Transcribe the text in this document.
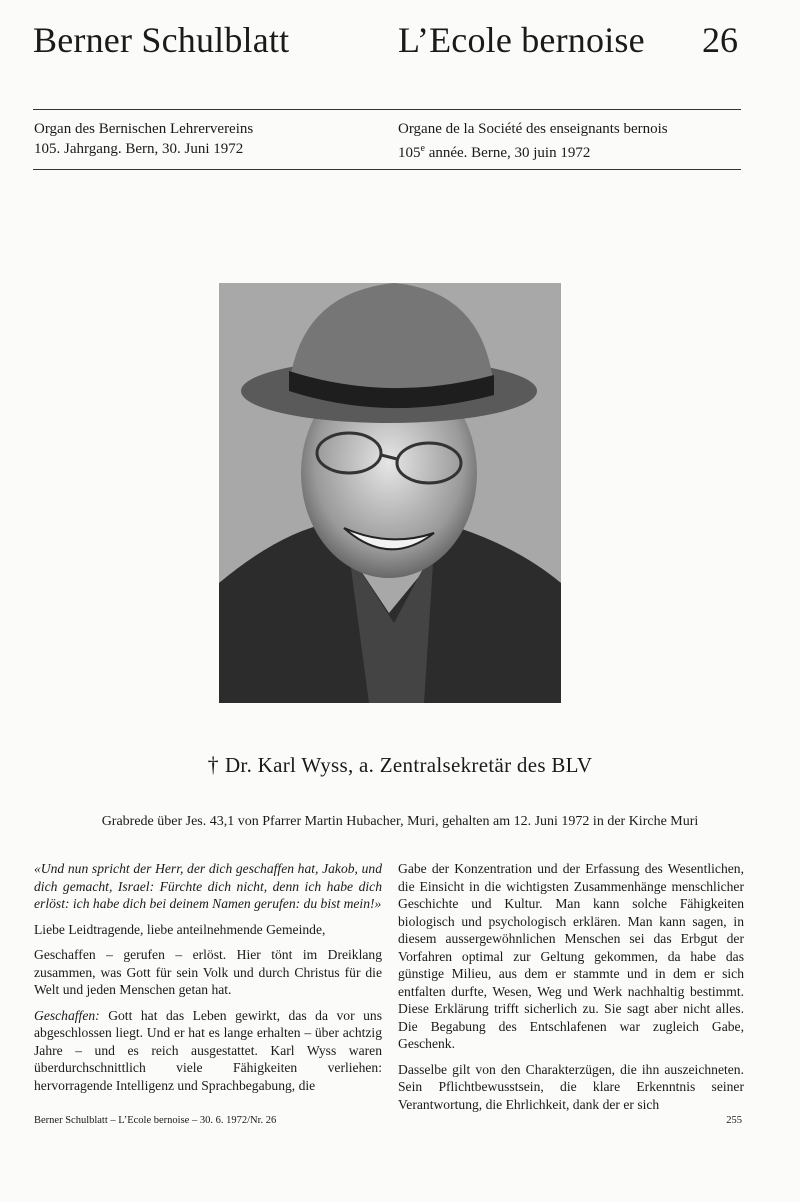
Berner Schulblatt	L’Ecole bernoise 26
Organ des Bernischen Lehrervereins
105. Jahrgang. Bern, 30. Juni 1972
Organe de la Société des enseignants bernois
105e année. Berne, 30 juin 1972
† Dr. Karl Wyss, a. Zentralsekretär des BLV
Grabrede über Jes. 43,1 von Pfarrer Martin Hubacher, Muri, gehalten am 12. Juni 1972 in der Kirche Muri

«Und nun spricht der Herr, der dich geschaffen hat, Jakob, und dich gemacht, Israel: Fürchte dich nicht, denn ich habe dich erlöst: ich habe dich bei deinem Namen gerufen: du bist mein!»

Liebe Leidtragende, liebe anteilnehmende Gemeinde,

Geschaffen – gerufen – erlöst. Hier tönt im Dreiklang zusammen, was Gott für sein Volk und durch Christus für die Welt und jeden Menschen getan hat.

Geschaffen: Gott hat das Leben gewirkt, das da vor uns abgeschlossen liegt. Und er hat es lange erhalten – über achtzig Jahre – und es reich ausgestattet. Karl Wyss waren überdurchschnittlich viele Fähigkeiten verliehen: hervorragende Intelligenz und Sprachbegabung, die

Gabe der Konzentration und der Erfassung des Wesentlichen, die Einsicht in die wichtigsten Zusammenhänge menschlicher Geschichte und Kultur. Man kann solche Fähigkeiten biologisch und psychologisch erklären. Man kann sagen, in diesem aussergewöhnlichen Menschen sei das Erbgut der Vorfahren optimal zur Geltung gekommen, da habe das günstige Milieu, aus dem er stammte und in dem er sich entfalten durfte, Wesen, Weg und Werk nachhaltig bestimmt. Diese Erklärung trifft sicherlich zu. Sie sagt aber nicht alles. Die Begabung des Entschlafenen war zugleich Gabe, Geschenk.

Dasselbe gilt von den Charakterzügen, die ihn auszeichneten. Sein Pflichtbewusstsein, die klare Erkenntnis seiner Verantwortung, die Ehrlichkeit, dank der er sich

Berner Schulblatt – L’Ecole bernoise – 30. 6. 1972/Nr. 26	255
